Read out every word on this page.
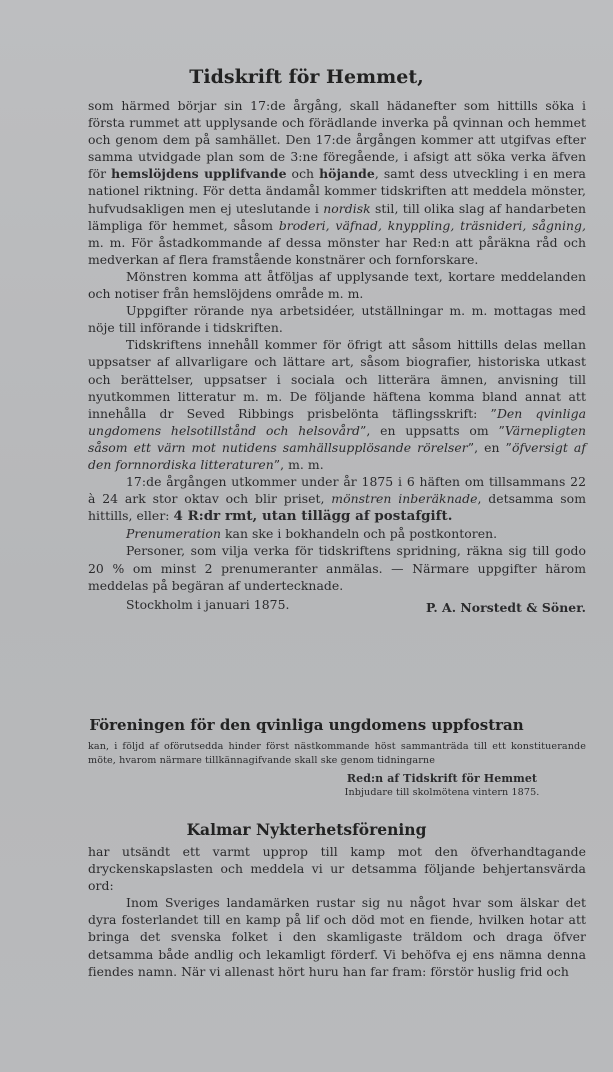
Tidskrift för Hemmet,

som härmed börjar sin 17:de årgång, skall hädanefter som hittills söka i första rummet att upplysande och förädlande inverka på qvinnan och hemmet och genom dem på samhället. Den 17:de årgången kommer att utgifvas efter samma utvidgade plan som de 3:ne föregående, i afsigt att söka verka äfven för hemslöjdens upplifvande och höjande, samt dess utveckling i en mera nationel riktning. För detta ändamål kommer tidskriften att meddela mönster, hufvudsakligen men ej uteslutande i nordisk stil, till olika slag af handarbeten lämpliga för hemmet, såsom broderi, väfnad, knyppling, träsnideri, sågning, m. m. För åstadkommande af dessa mönster har Red:n att påräkna råd och medverkan af flera framstående konstnärer och fornforskare.

Mönstren komma att åtföljas af upplysande text, kortare meddelanden och notiser från hemslöjdens område m. m.

Uppgifter rörande nya arbetsidéer, utställningar m. m. mottagas med nöje till införande i tidskriften.

Tidskriftens innehåll kommer för öfrigt att såsom hittills delas mellan uppsatser af allvarligare och lättare art, såsom biografier, historiska utkast och berättelser, uppsatser i sociala och litterära ämnen, anvisning till nyutkommen litteratur m. m. De följande häftena komma bland annat att innehålla dr Seved Ribbings prisbelönta täflingsskrift: ”Den qvinliga ungdomens helsotillstånd och helsovård”, en uppsatts om ”Värnepligten såsom ett värn mot nutidens samhällsupplösande rörelser”, en ”öfversigt af den fornnordiska litteraturen”, m. m.

17:de årgången utkommer under år 1875 i 6 häften om tillsammans 22 à 24 ark stor oktav och blir priset, mönstren inberäknade, detsamma som hittills, eller: 4 R:dr rmt, utan tillägg af postafgift.

Prenumeration kan ske i bokhandeln och på postkontoren.

Personer, som vilja verka för tidskriftens spridning, räkna sig till godo 20 % om minst 2 prenumeranter anmälas. — Närmare uppgifter härom meddelas på begäran af undertecknade.

Stockholm i januari 1875.	P. A. Norstedt & Söner.

Föreningen för den qvinliga ungdomens uppfostran

kan, i följd af oförutsedda hinder först nästkommande höst sammanträda till ett konstituerande möte, hvarom närmare tillkännagifvande skall ske genom tidningarne

Red:n af Tidskrift för Hemmet

Inbjudare till skolmötena vintern 1875.

Kalmar Nykterhetsförening

har utsändt ett varmt upprop till kamp mot den öfverhandtagande dryckenskapslasten och meddela vi ur detsamma följande behjertansvärda ord:

Inom Sveriges landamärken rustar sig nu något hvar som älskar det dyra fosterlandet till en kamp på lif och död mot en fiende, hvilken hotar att bringa det svenska folket i den skamligaste träldom och draga öfver detsamma både andlig och lekamligt förderf. Vi behöfva ej ens nämna denna fiendes namn. När vi allenast hört huru han far fram: förstör huslig frid och
